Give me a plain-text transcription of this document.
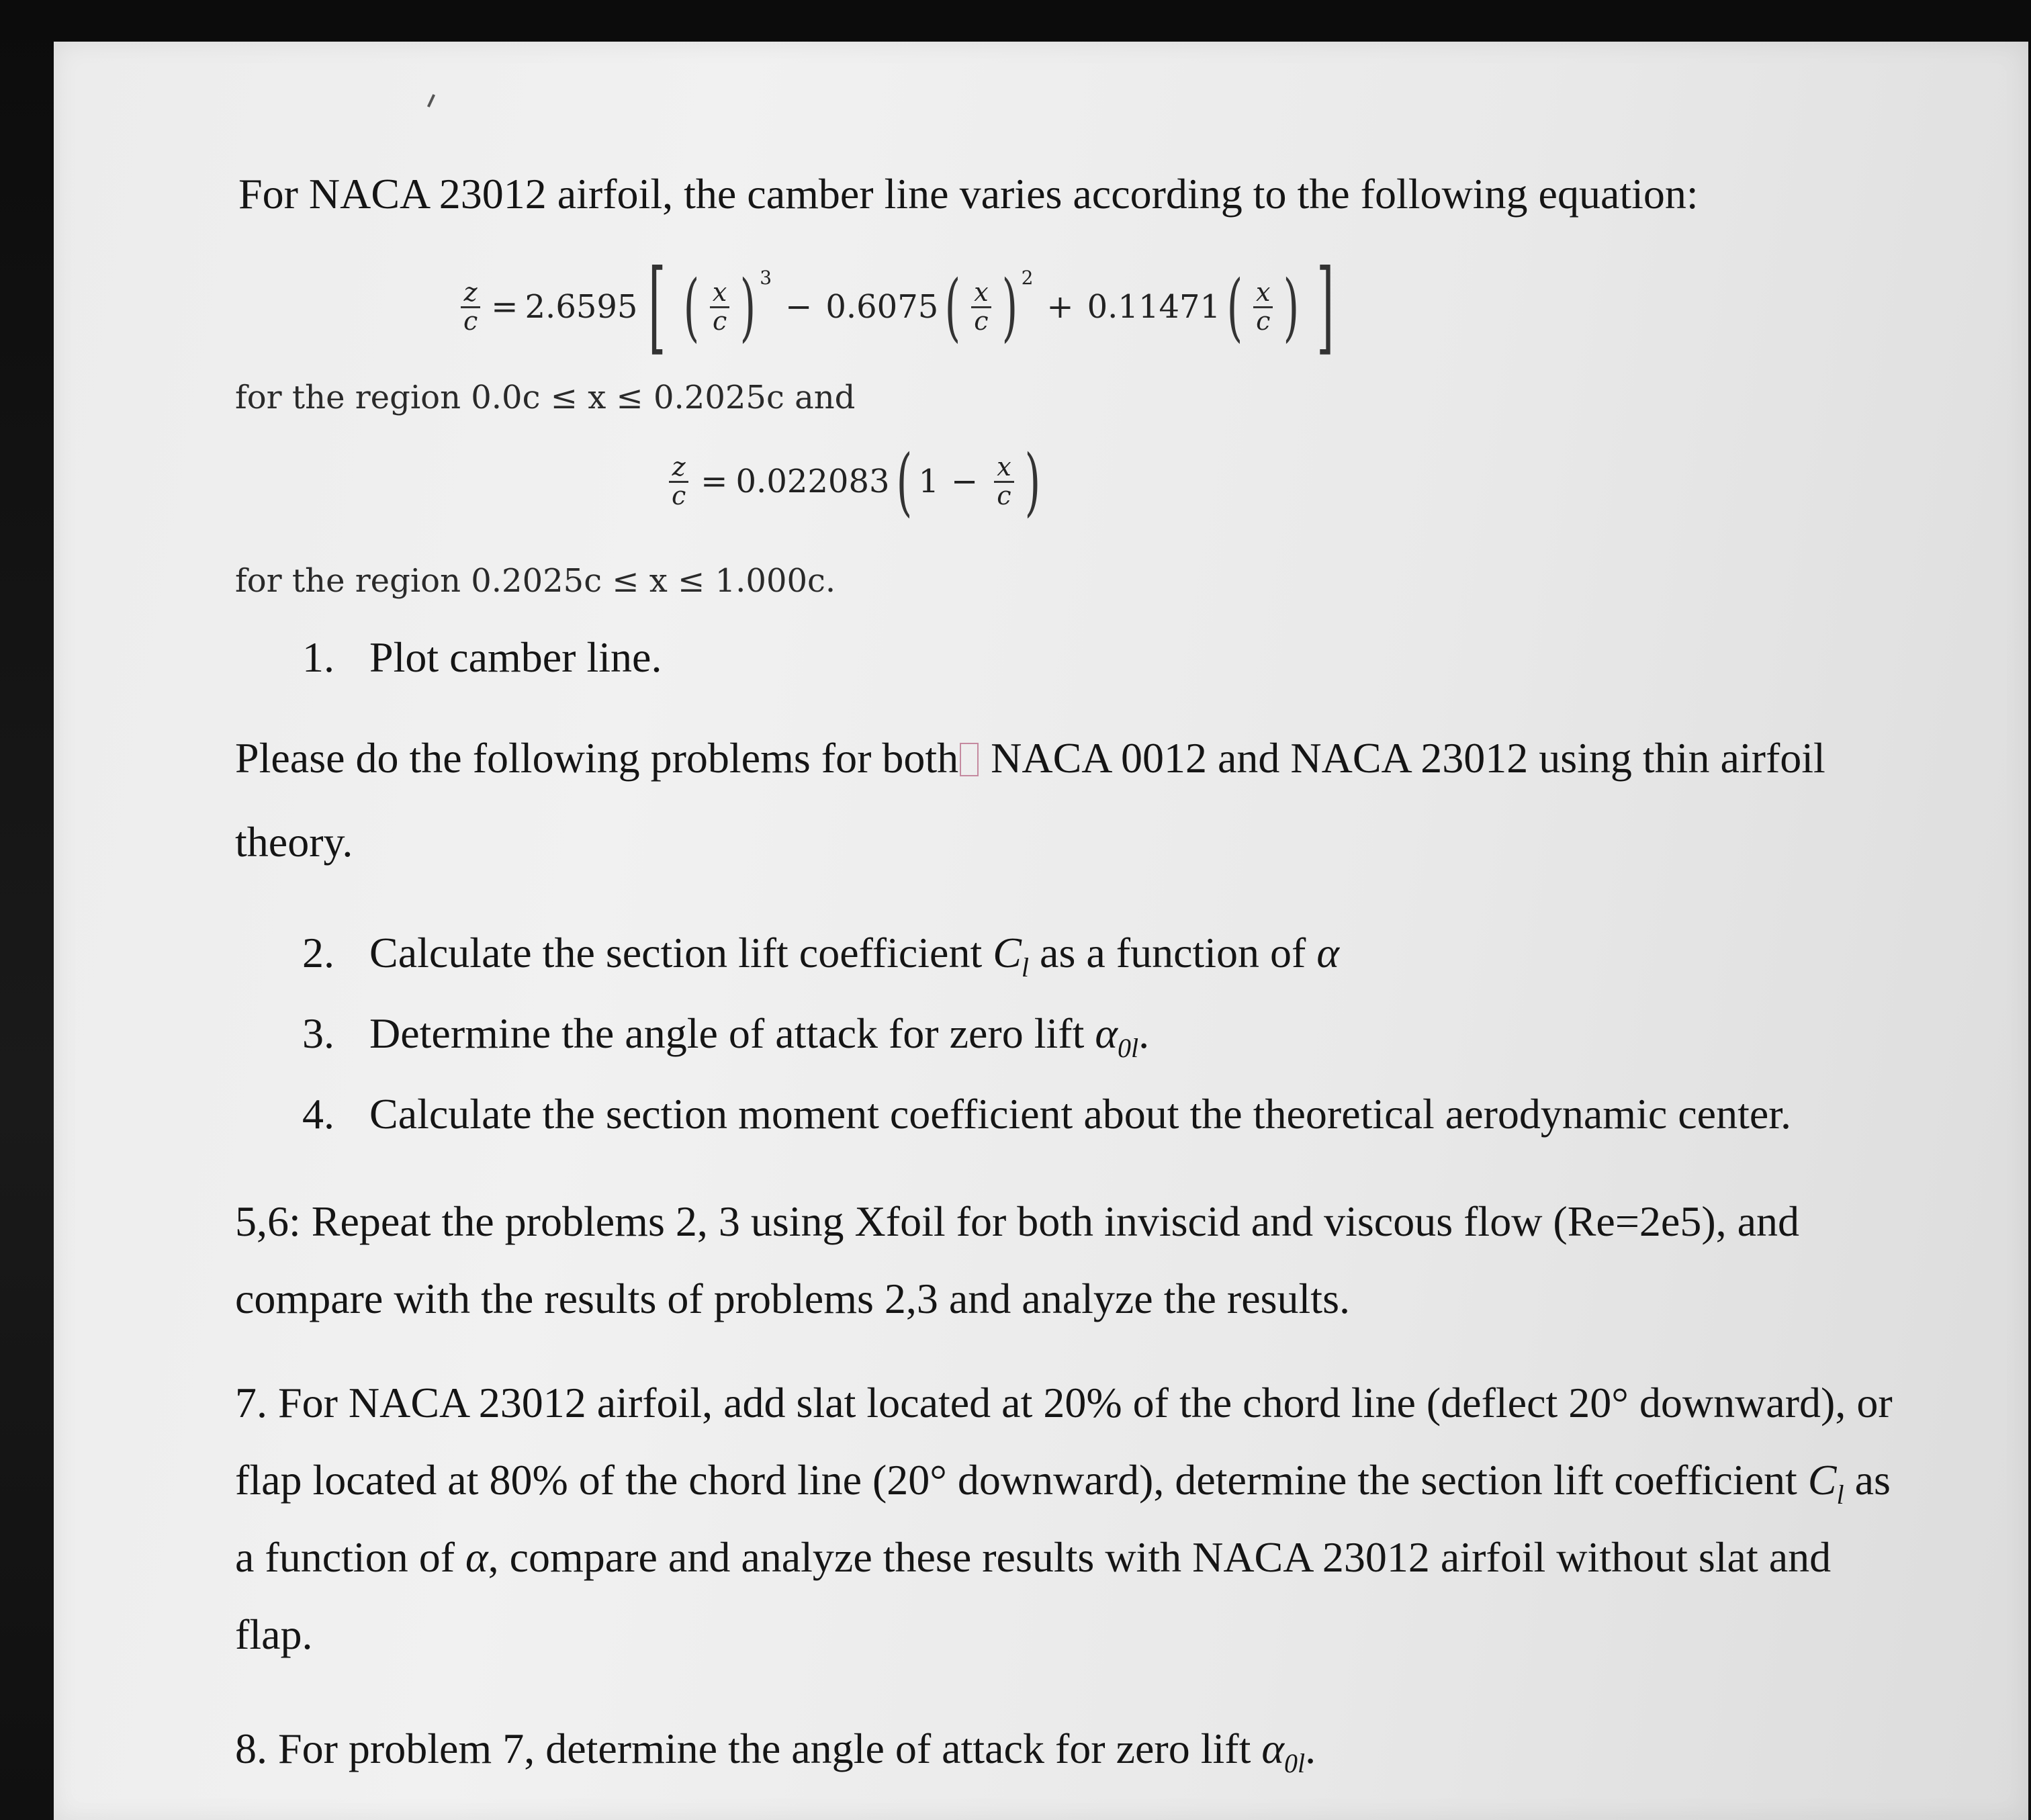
For NACA 23012 airfoil, the camber line varies according to the following equation:
$\frac{z}{c} = 2.6595$ [ ( $\frac{x}{c}$ ) 3
− 0.6075 ( $\frac{x}{c}$ ) 2
+ 0.11471 ( $\frac{x}{c}$ ) ]
for the region 0.0c ≤ x ≤ 0.2025c and
$\frac{z}{c} = 0.022083$ ( $1 - \frac{x}{c}$ )
for the region 0.2025c ≤ x ≤ 1.000c.
1. Plot camber line.
Please do the following problems for both NACA 0012 and NACA 23012 using thin airfoil
theory.
2. Calculate the section lift coefficient $C_l$ as a function of α
3. Determine the angle of attack for zero lift $\alpha_{0l}$.
4. Calculate the section moment coefficient about the theoretical aerodynamic center.
5,6: Repeat the problems 2, 3 using Xfoil for both inviscid and viscous flow (Re=2e5), and
compare with the results of problems 2,3 and analyze the results.
7. For NACA 23012 airfoil, add slat located at 20% of the chord line (deflect 20° downward), or
flap located at 80% of the chord line (20° downward), determine the section lift coefficient $C_l$ as
a function of α, compare and analyze these results with NACA 23012 airfoil without slat and
flap.
8. For problem 7, determine the angle of attack for zero lift $\alpha_{0l}$.
